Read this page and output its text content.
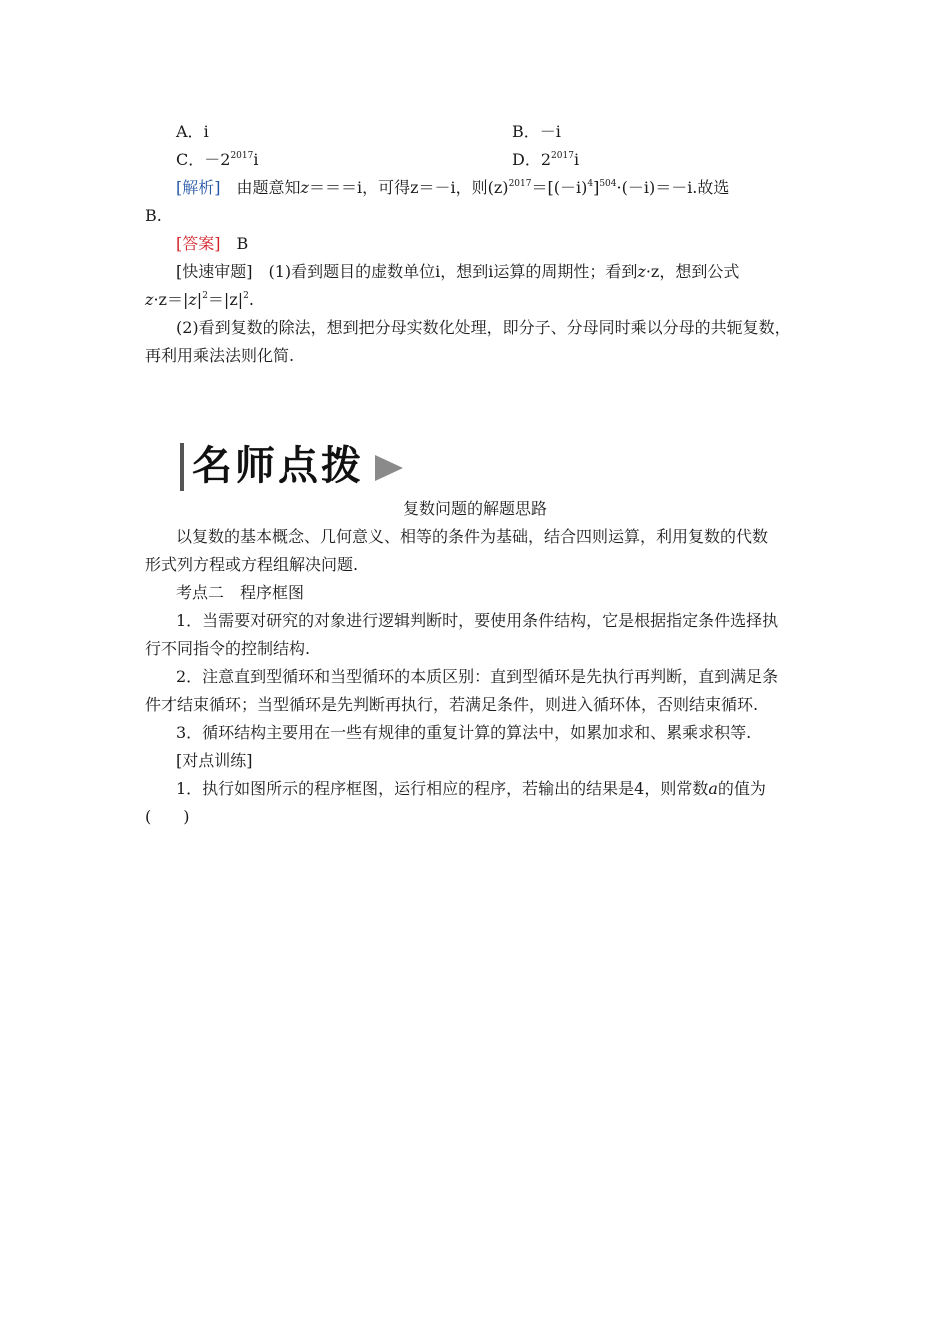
A．i	B．－i
C．$-2^{2017}i$	D．$2^{2017}i$
[解析]　 由题意知z＝＝＝i，可得z＝－i，则$(z)^{2017}=[(-i)^4]^{504}\cdot(-i)=-i$.故选
B.
[答案]　 B
[快速审题]　(1)看到题目的虚数单位i，想到i运算的周期性；看到z·z，想到公式
$z\cdot z=|z|^2=|z|^2$.
(2)看到复数的除法，想到把分母实数化处理，即分子、分母同时乘以分母的共轭复数，
再利用乘法法则化简.
名师点拨
复数问题的解题思路
以复数的基本概念、几何意义、相等的条件为基础，结合四则运算，利用复数的代数
形式列方程或方程组解决问题.
考点二　程序框图
1．当需要对研究的对象进行逻辑判断时，要使用条件结构，它是根据指定条件选择执
行不同指令的控制结构.
2．注意直到型循环和当型循环的本质区别：直到型循环是先执行再判断，直到满足条
件才结束循环；当型循环是先判断再执行，若满足条件，则进入循环体，否则结束循环.
3．循环结构主要用在一些有规律的重复计算的算法中，如累加求和、累乘求积等.
[对点训练]
1．执行如图所示的程序框图，运行相应的程序，若输出的结果是4，则常数a的值为
(　　)
